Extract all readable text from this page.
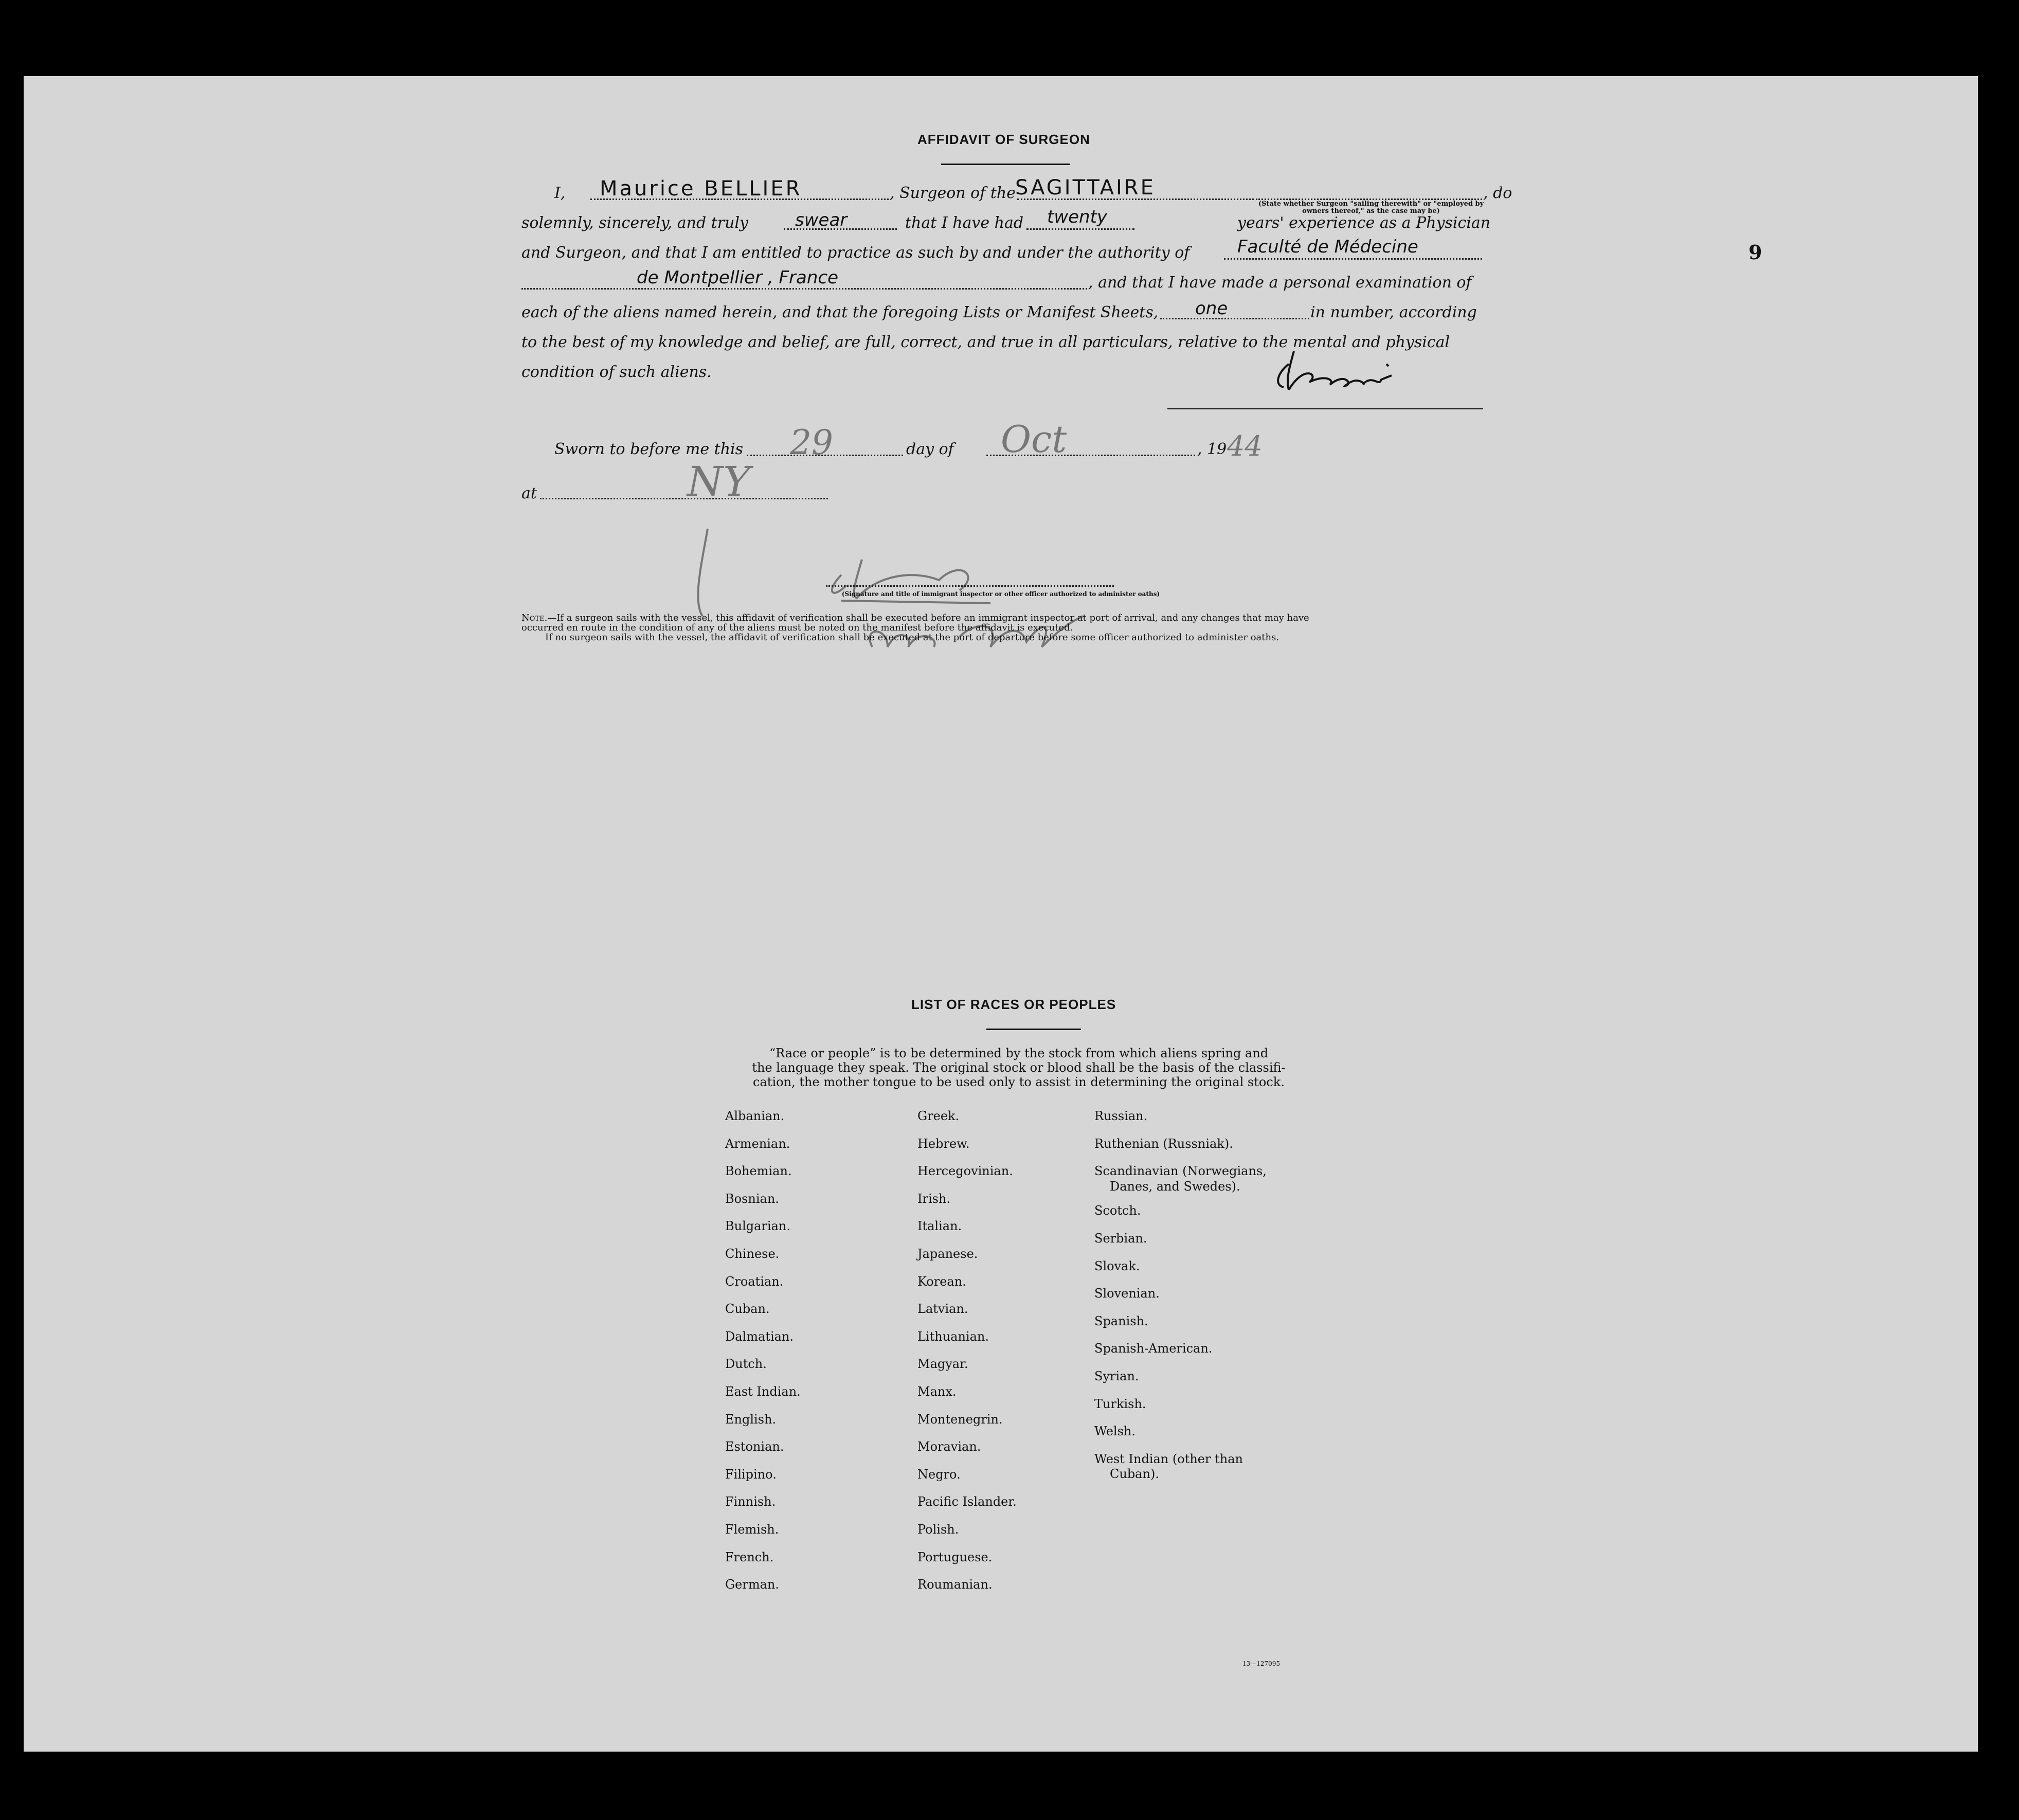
AFFIDAVIT OF SURGEON
9
I, Maurice BELLIER	, Surgeon of the SAGITTAIRE	, do
(State whether Surgeon "sailing therewith" or "employed by owners thereof," as the case may be)
solemnly, sincerely, and truly	swear	that I have had twenty	years' experience as a Physician
and Surgeon, and that I am entitled to practice as such by and under the authority of	Faculté de Médecine
de Montpellier , France	, and that I have made a personal examination of
each of the aliens named herein, and that the foregoing Lists or Manifest Sheets, one	in number, according
to the best of my knowledge and belief, are full, correct, and true in all particulars, relative to the mental and physical
condition of such aliens.
Sworn to before me this 29	day of Oct	, 19 44
at	NY
(Signature and title of immigrant inspector or other officer authorized to administer oaths)
Note.—If a surgeon sails with the vessel, this affidavit of verification shall be executed before an immigrant inspector at port of arrival, and any changes that may have
occurred en route in the condition of any of the aliens must be noted on the manifest before the affidavit is executed.
If no surgeon sails with the vessel, the affidavit of verification shall be executed at the port of departure before some officer authorized to administer oaths.
LIST OF RACES OR PEOPLES
“Race or people” is to be determined by the stock from which aliens spring and
the language they speak. The original stock or blood shall be the basis of the classifi-
cation, the mother tongue to be used only to assist in determining the original stock.
Albanian.
Armenian.
Bohemian.
Bosnian.
Bulgarian.
Chinese.
Croatian.
Cuban.
Dalmatian.
Dutch.
East Indian.
English.
Estonian.
Filipino.
Finnish.
Flemish.
French.
German.
Greek.
Hebrew.
Hercegovinian.
Irish.
Italian.
Japanese.
Korean.
Latvian.
Lithuanian.
Magyar.
Manx.
Montenegrin.
Moravian.
Negro.
Pacific Islander.
Polish.
Portuguese.
Roumanian.
Russian.
Ruthenian (Russniak).
Scandinavian (Norwegians,
Danes, and Swedes).
Scotch.
Serbian.
Slovak.
Slovenian.
Spanish.
Spanish-American.
Syrian.
Turkish.
Welsh.
West Indian (other than
Cuban).
13—127095
